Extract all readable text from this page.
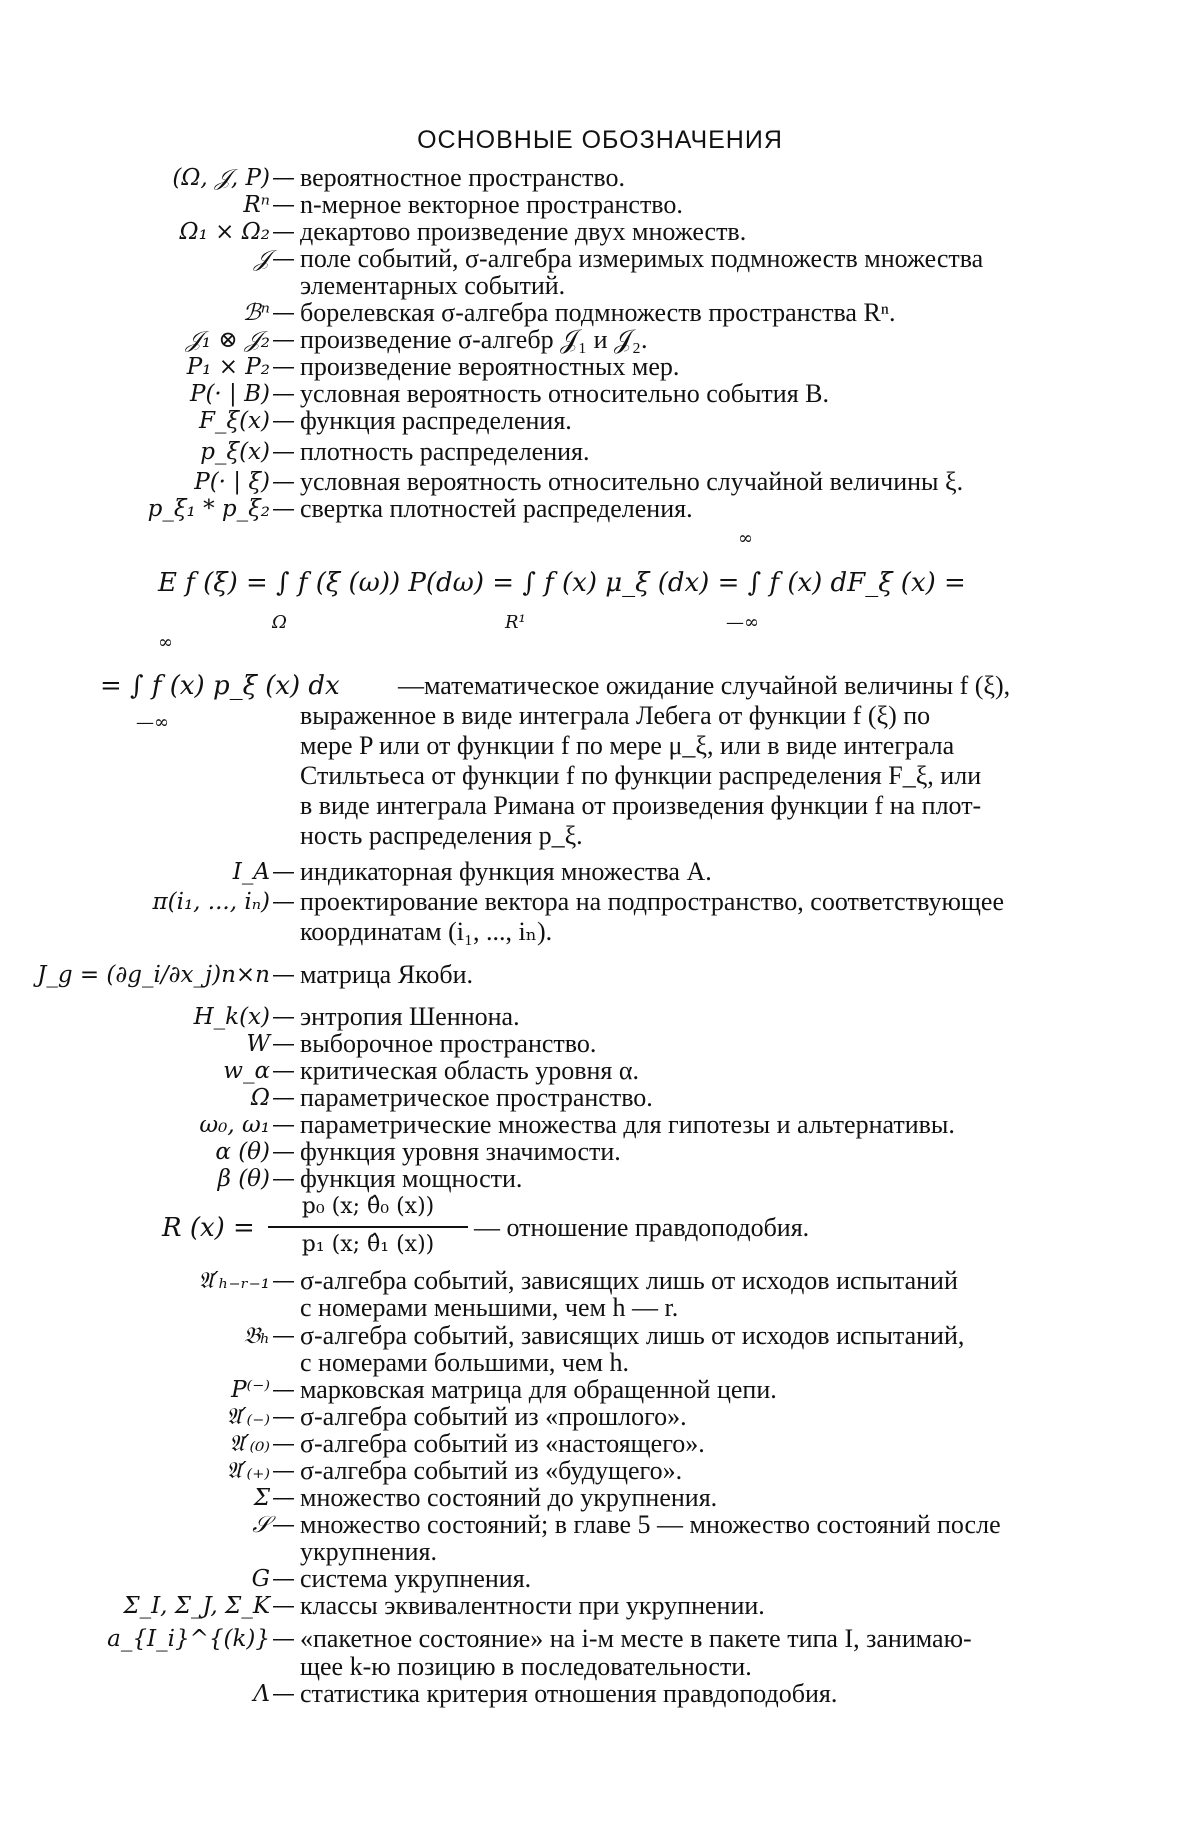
ОСНОВНЫЕ ОБОЗНАЧЕНИЯ
(Ω, 𝒥, P) — вероятностное пространство.
Rⁿ — n-мерное векторное пространство.
Ω₁ × Ω₂ — декартово произведение двух множеств.
𝒥 — поле событий, σ-алгебра измеримых подмножеств множества
элементарных событий.
ℬⁿ — борелевская σ-алгебра подмножеств пространства Rⁿ.
𝒥₁ ⊗ 𝒥₂ — произведение σ-алгебр 𝒥₁ и 𝒥₂.
P₁ × P₂ — произведение вероятностных мер.
P(· | B) — условная вероятность относительно события B.
F_ξ(x) — функция распределения.
p_ξ(x) — плотность распределения.
P(· | ξ) — условная вероятность относительно случайной величины ξ.
p_ξ₁ * p_ξ₂ — свертка плотностей распределения.
∞
E f (ξ) = ∫ f (ξ (ω)) P(dω) = ∫ f (x) μ_ξ (dx) = ∫ f (x) dF_ξ (x) =
Ω	R¹	—∞
∞
= ∫ f (x) p_ξ (x) dx
—∞
—математическое ожидание случайной величины f (ξ),
выраженное в виде интеграла Лебега от функции f (ξ) по
мере P или от функции f по мере μ_ξ, или в виде интеграла
Стильтьеса от функции f по функции распределения F_ξ, или
в виде интеграла Римана от произведения функции f на плот-
ность распределения p_ξ.
I_A — индикаторная функция множества A.
π(i₁, ..., iₙ) — проектирование вектора на подпространство, соответствующее
координатам (i₁, ..., iₙ).
J_g = (∂g_i/∂x_j)n×n — матрица Якоби.
H_k(x) — энтропия Шеннона.
W — выборочное пространство.
w_α — критическая область уровня α.
Ω — параметрическое пространство.
ω₀, ω₁ — параметрические множества для гипотезы и альтернативы.
α (θ) — функция уровня значимости.
β (θ) — функция мощности.
R (x) =
p₀ (x; θ̂₀ (x))
p₁ (x; θ̂₁ (x))
— отношение правдоподобия.
𝔄′ₕ₋ᵣ₋₁ — σ-алгебра событий, зависящих лишь от исходов испытаний
с номерами меньшими, чем h — r.
𝔅ₕ — σ-алгебра событий, зависящих лишь от исходов испытаний,
с номерами большими, чем h.
P⁽⁻⁾ — марковская матрица для обращенной цепи.
𝔄′₍₋₎ — σ-алгебра событий из «прошлого».
𝔄′₍₀₎ — σ-алгебра событий из «настоящего».
𝔄′₍₊₎ — σ-алгебра событий из «будущего».
Σ — множество состояний до укрупнения.
𝒮 — множество состояний; в главе 5 — множество состояний после
укрупнения.
G — система укрупнения.
Σ_I, Σ_J, Σ_K — классы эквивалентности при укрупнении.
a_{I_i}^{(k)} — «пакетное состояние» на i-м месте в пакете типа I, занимаю-
щее k-ю позицию в последовательности.
Λ — статистика критерия отношения правдоподобия.
